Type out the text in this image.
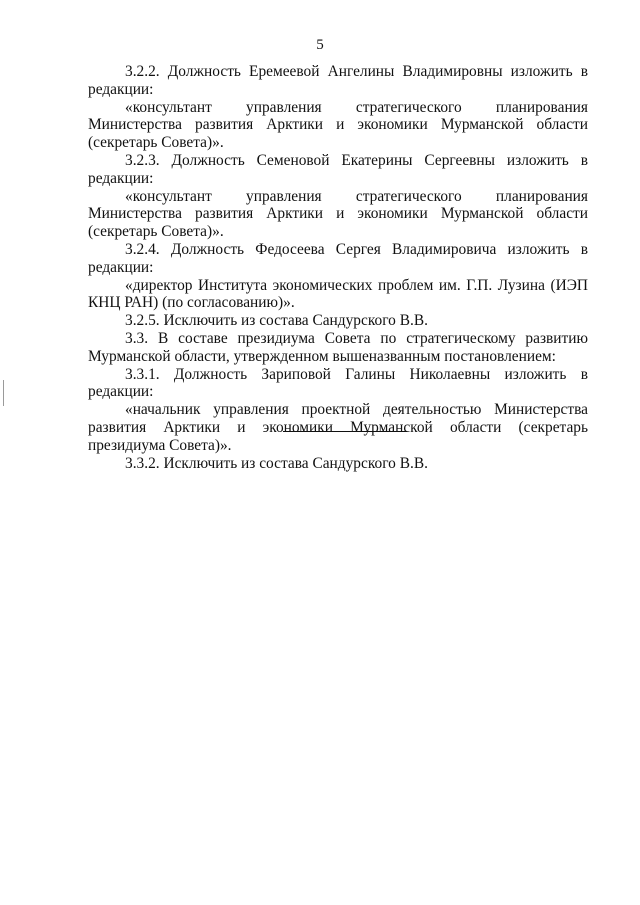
5

3.2.2. Должность Еремеевой Ангелины Владимировны изложить в редакции:

«консультант управления стратегического планирования Министерства развития Арктики и экономики Мурманской области (секретарь Совета)».

3.2.3. Должность Семеновой Екатерины Сергеевны изложить в редакции:

«консультант управления стратегического планирования Министерства развития Арктики и экономики Мурманской области (секретарь Совета)».

3.2.4. Должность Федосеева Сергея Владимировича изложить в редакции:

«директор Института экономических проблем им. Г.П. Лузина (ИЭП КНЦ РАН) (по согласованию)».

3.2.5. Исключить из состава Сандурского В.В.

3.3. В составе президиума Совета по стратегическому развитию Мурманской области, утвержденном вышеназванным постановлением:

3.3.1. Должность Зариповой Галины Николаевны изложить в редакции:

«начальник управления проектной деятельностью Министерства развития Арктики и экономики Мурманской области (секретарь президиума Совета)».

3.3.2. Исключить из состава Сандурского В.В.
